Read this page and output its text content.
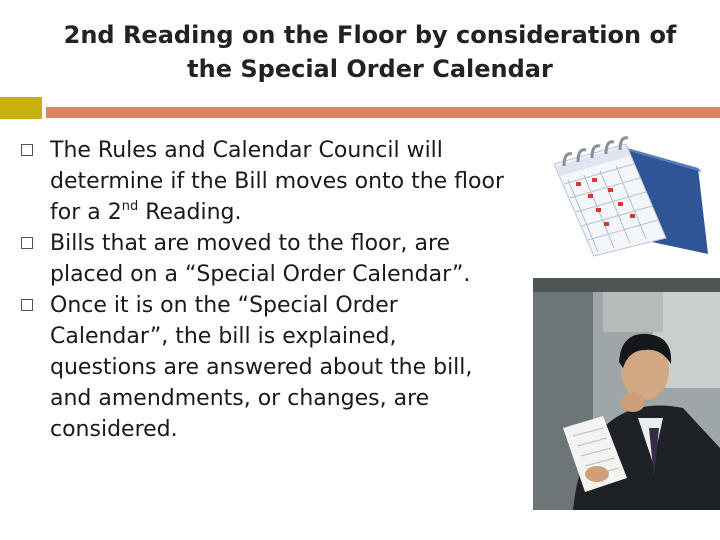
2nd Reading on the Floor by consideration of
the Special Order Calendar
The Rules and Calendar Council will
determine if the Bill moves onto the floor
for a 2nd Reading.
Bills that are moved to the floor, are
placed on a “Special Order Calendar”.
Once it is on the “Special Order
Calendar”, the bill is explained,
questions are answered about the bill,
and amendments, or changes, are
considered.
